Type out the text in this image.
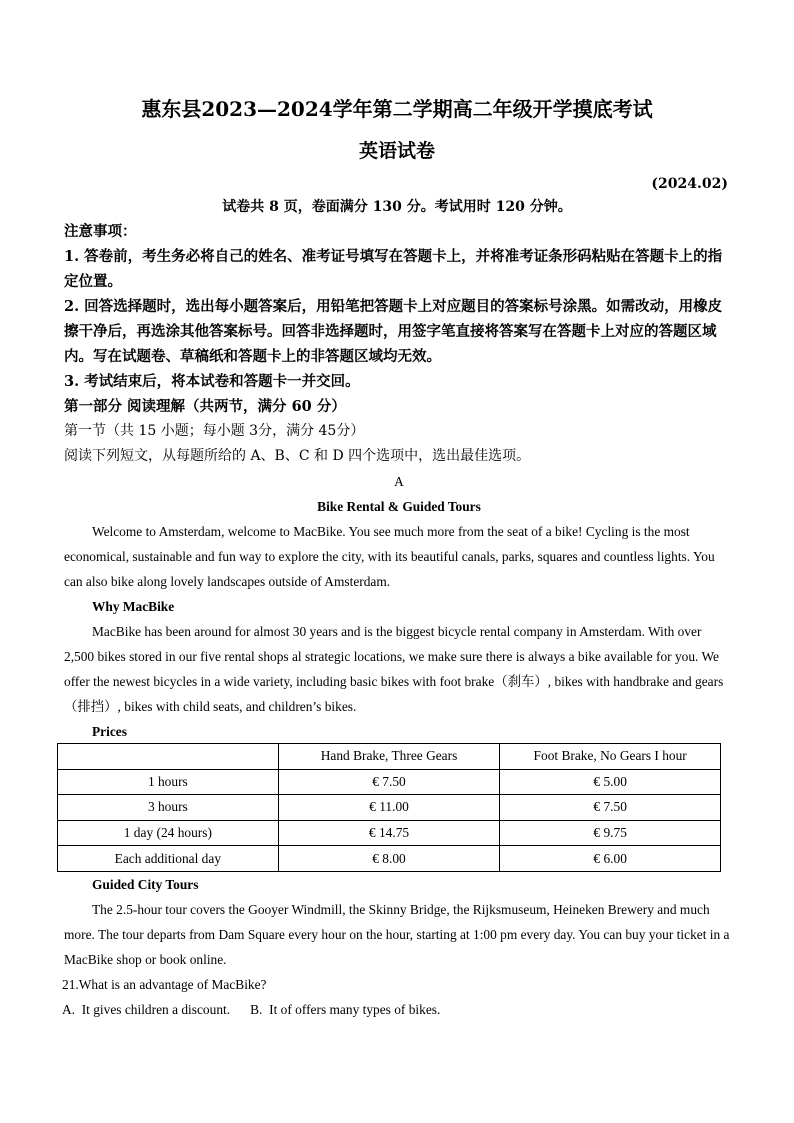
惠东县2023—2024学年第二学期高二年级开学摸底考试
英语试卷
(2024.02)
试卷共 8 页，卷面满分 130 分。考试用时 120 分钟。
注意事项：
1. 答卷前，考生务必将自己的姓名、准考证号填写在答题卡上，并将准考证条形码粘贴在答题卡上的指定位置。
2. 回答选择题时，选出每小题答案后，用铅笔把答题卡上对应题目的答案标号涂黑。如需改动，用橡皮擦干净后，再选涂其他答案标号。回答非选择题时，用签字笔直接将答案写在答题卡上对应的答题区域内。写在试题卷、草稿纸和答题卡上的非答题区域均无效。
3. 考试结束后，将本试卷和答题卡一并交回。
第一部分 阅读理解（共两节，满分 60 分）
第一节（共 15 小题；每小题 3分，满分 45分）
阅读下列短文，从每题所给的 A、B、C 和 D 四个选项中，选出最佳选项。
A
Bike Rental & Guided Tours
Welcome to Amsterdam, welcome to MacBike. You see much more from the seat of a bike! Cycling is the most economical, sustainable and fun way to explore the city, with its beautiful canals, parks, squares and countless lights. You can also bike along lovely landscapes outside of Amsterdam.
Why MacBike
MacBike has been around for almost 30 years and is the biggest bicycle rental company in Amsterdam. With over 2,500 bikes stored in our five rental shops al strategic locations, we make sure there is always a bike available for you. We offer the newest bicycles in a wide variety, including basic bikes with foot brake（刹车）, bikes with handbrake and gears（排挡）, bikes with child seats, and children’s bikes.
Prices
	Hand Brake, Three Gears	Foot Brake, No Gears I hour
1 hours	€ 7.50	€ 5.00
3 hours	€ 11.00	€ 7.50
1 day (24 hours)	€ 14.75	€ 9.75
Each additional day	€ 8.00	€ 6.00
Guided City Tours
The 2.5-hour tour covers the Gooyer Windmill, the Skinny Bridge, the Rijksmuseum, Heineken Brewery and much more. The tour departs from Dam Square every hour on the hour, starting at 1:00 pm every day. You can buy your ticket in a MacBike shop or book online.
21.What is an advantage of MacBike?
A.  It gives children a discount.      B.  It of offers many types of bikes.
